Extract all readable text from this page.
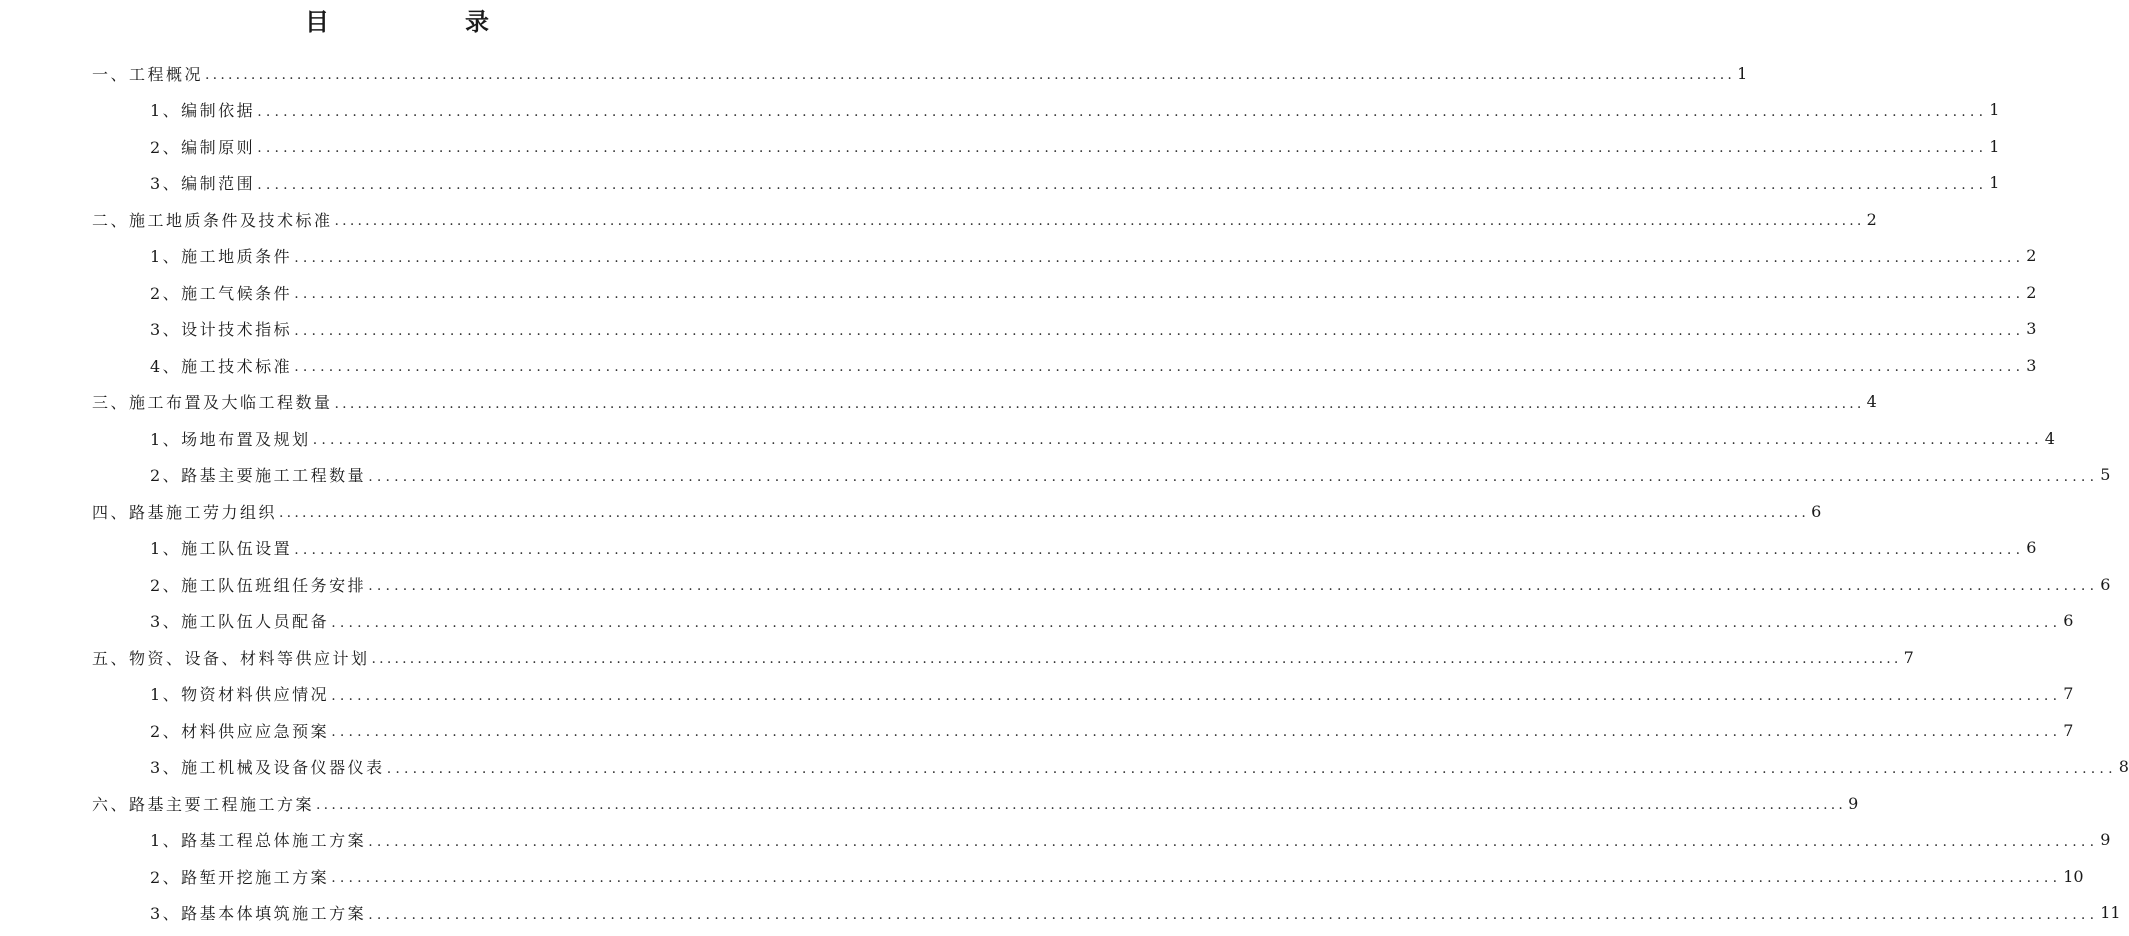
目　录
一、工程概况 ........................................................................................................................................................................................................ 1
1、编制依据 ........................................................................................................................................................................................................ 1
2、编制原则 ........................................................................................................................................................................................................ 1
3、编制范围 ........................................................................................................................................................................................................ 1
二、施工地质条件及技术标准 ........................................................................................................................................................................................................ 2
1、施工地质条件 ........................................................................................................................................................................................................ 2
2、施工气候条件 ........................................................................................................................................................................................................ 2
3、设计技术指标 ........................................................................................................................................................................................................ 3
4、施工技术标准 ........................................................................................................................................................................................................ 3
三、施工布置及大临工程数量 ........................................................................................................................................................................................................ 4
1、场地布置及规划 ........................................................................................................................................................................................................ 4
2、路基主要施工工程数量 ........................................................................................................................................................................................................ 5
四、路基施工劳力组织 ........................................................................................................................................................................................................ 6
1、施工队伍设置 ........................................................................................................................................................................................................ 6
2、施工队伍班组任务安排 ........................................................................................................................................................................................................ 6
3、施工队伍人员配备 ........................................................................................................................................................................................................ 6
五、物资、设备、材料等供应计划 ........................................................................................................................................................................................................ 7
1、物资材料供应情况 ........................................................................................................................................................................................................ 7
2、材料供应应急预案 ........................................................................................................................................................................................................ 7
3、施工机械及设备仪器仪表 ........................................................................................................................................................................................................ 8
六、路基主要工程施工方案 ........................................................................................................................................................................................................ 9
1、路基工程总体施工方案 ........................................................................................................................................................................................................ 9
2、路堑开挖施工方案 ........................................................................................................................................................................................................ 10
3、路基本体填筑施工方案 ........................................................................................................................................................................................................ 11
